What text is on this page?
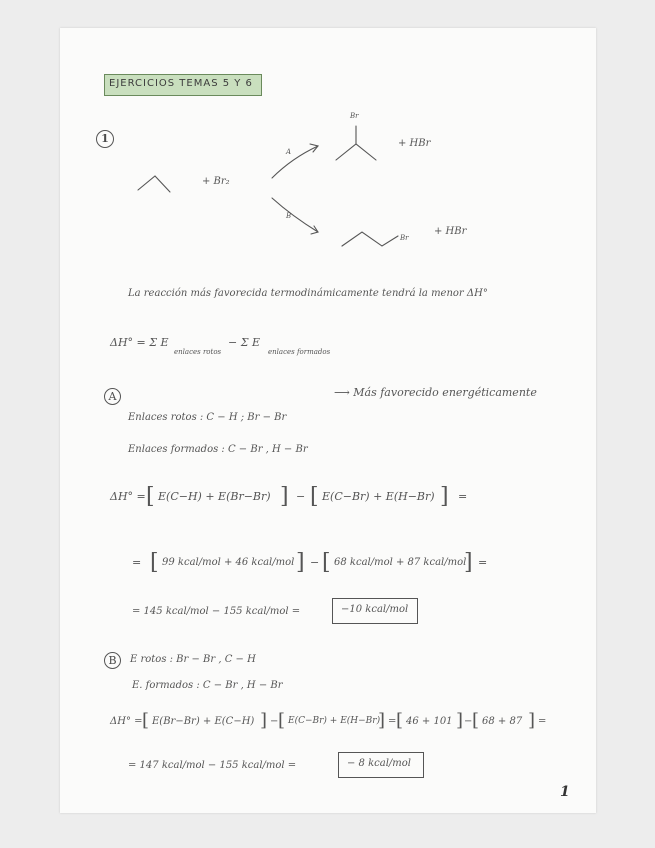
EJERCICIOS TEMAS 5 Y 6
1
+ Br₂
A
B
Br
+ HBr
Br
+ HBr
La reacción más favorecida termodinámicamente tendrá la menor ΔH°
ΔH° = Σ E
enlaces rotos
− Σ E
enlaces formados
A	⟶ Más favorecido energéticamente
Enlaces rotos : C − H ; Br − Br
Enlaces formados : C − Br , H − Br
ΔH° = [ E(C−H) + E(Br−Br) ] − [ E(C−Br) + E(H−Br) ] =
= [ 99 kcal/mol + 46 kcal/mol ] − [ 68 kcal/mol + 87 kcal/mol
] =
= 145 kcal/mol − 155 kcal/mol =	−10 kcal/mol
B	E rotos : Br − Br , C − H
E. formados : C − Br , H − Br
ΔH° = [ E(Br−Br) + E(C−H) ] − [ E(C−Br) + E(H−Br)
] = [ 46 + 101 ] − [ 68 + 87 ] =
= 147 kcal/mol − 155 kcal/mol =	− 8 kcal/mol
1
